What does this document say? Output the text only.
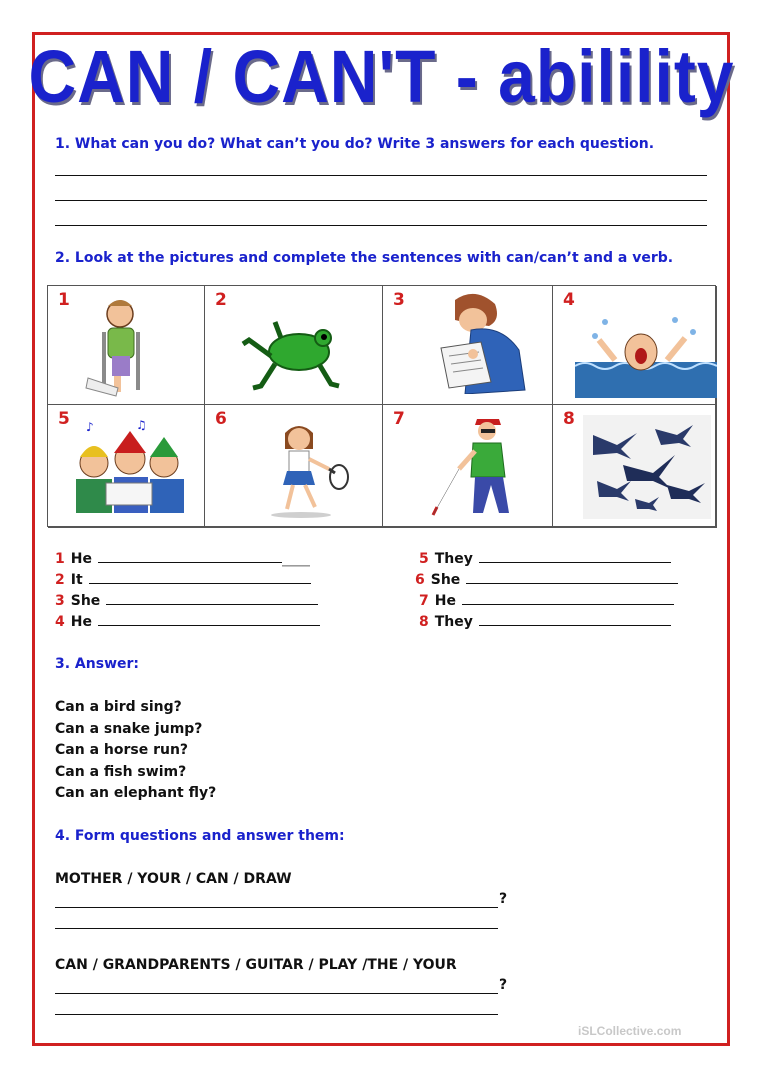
CAN / CAN'T - abilility
1. What can you do? What can’t you do? Write 3 answers for each question.
2. Look at the pictures and complete the sentences with can/can’t and a verb.
1	2	3	4
5 ♪	♫	6	7	8
1 He	____
2 It
3 She
4 He
5 They
6 She
7 He
8 They
3. Answer:
Can a bird sing?
Can a snake jump?
Can a horse run?
Can a fish swim?
Can an elephant fly?
4. Form questions and answer them:
MOTHER / YOUR / CAN / DRAW
?
CAN / GRANDPARENTS / GUITAR / PLAY /THE / YOUR
?
iSLCollective.com
